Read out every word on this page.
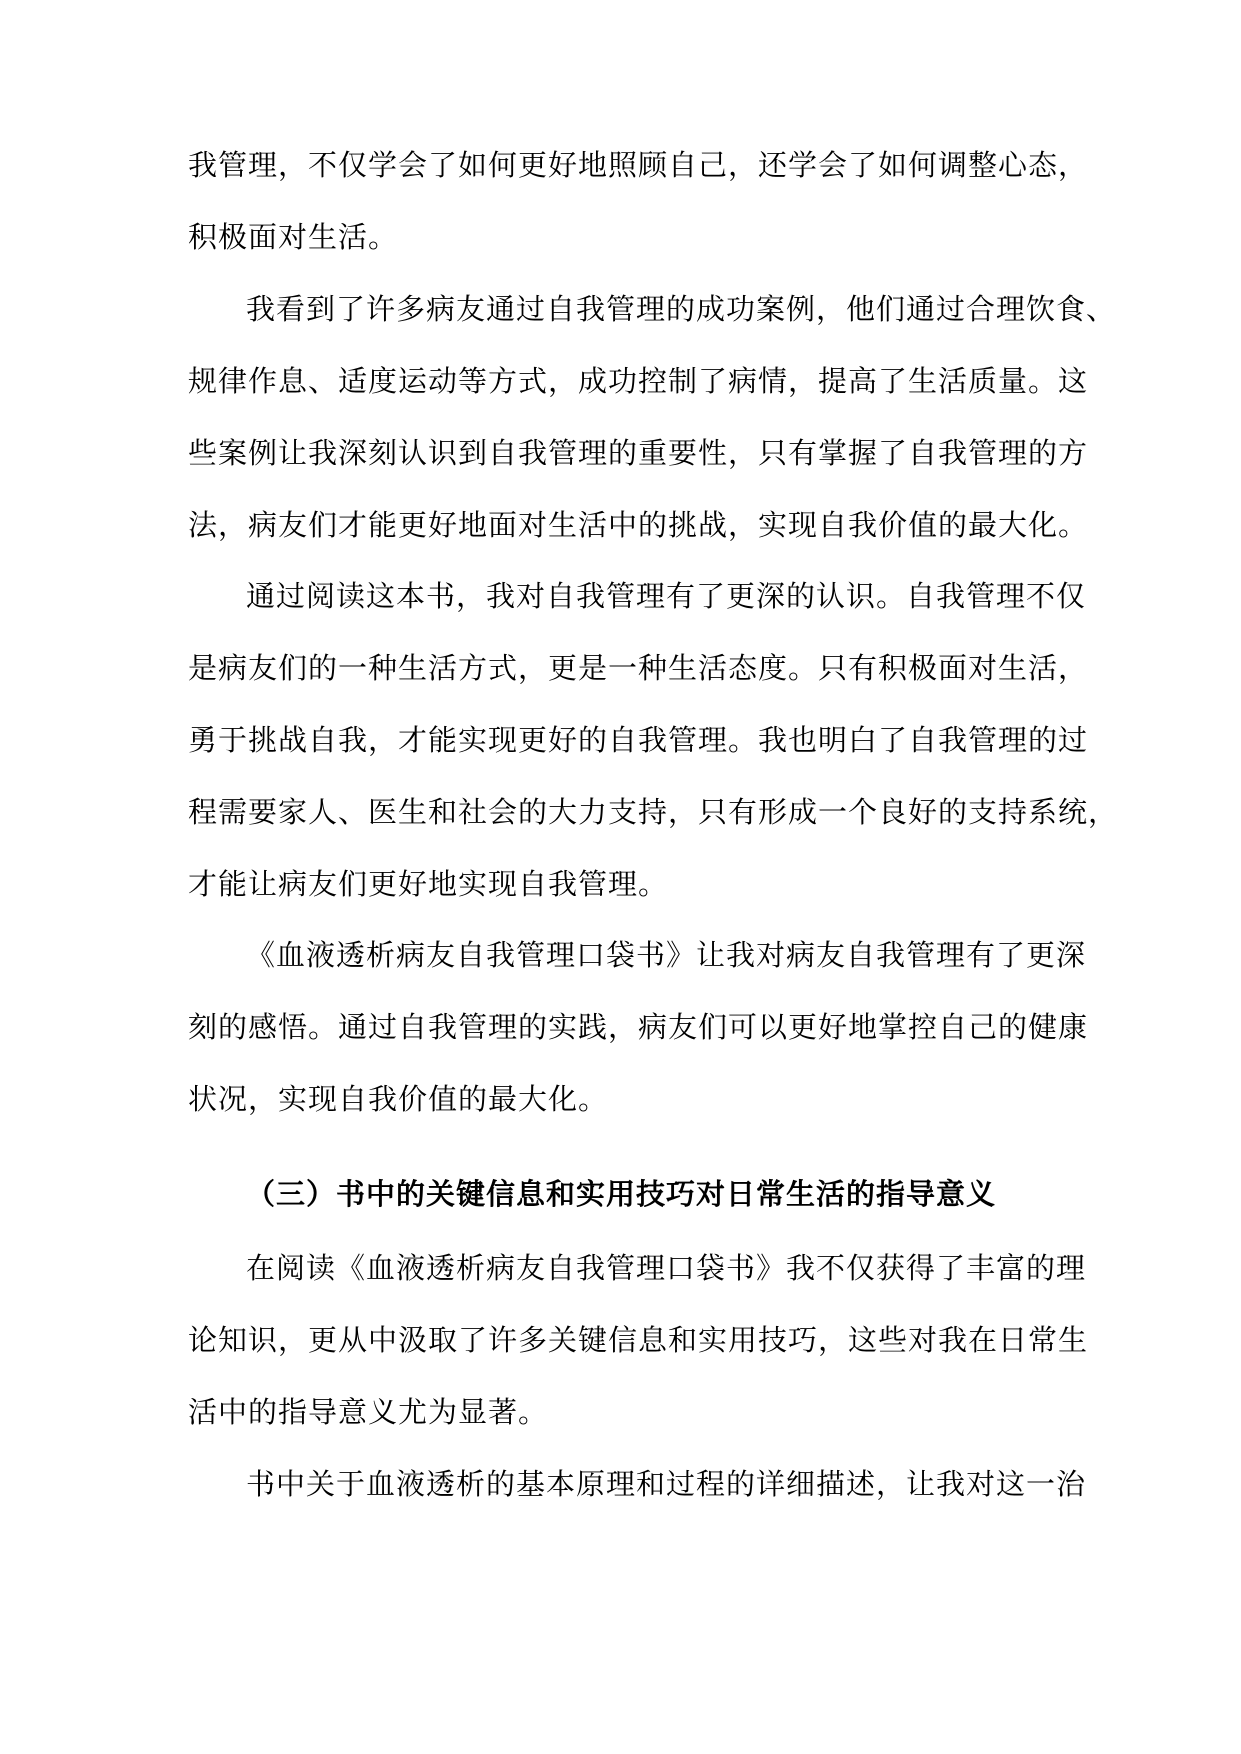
我管理，不仅学会了如何更好地照顾自己，还学会了如何调整心态，
积极面对生活。
我看到了许多病友通过自我管理的成功案例，他们通过合理饮食、
规律作息、适度运动等方式，成功控制了病情，提高了生活质量。这
些案例让我深刻认识到自我管理的重要性，只有掌握了自我管理的方
法，病友们才能更好地面对生活中的挑战，实现自我价值的最大化。
通过阅读这本书，我对自我管理有了更深的认识。自我管理不仅
是病友们的一种生活方式，更是一种生活态度。只有积极面对生活，
勇于挑战自我，才能实现更好的自我管理。我也明白了自我管理的过
程需要家人、医生和社会的大力支持，只有形成一个良好的支持系统，
才能让病友们更好地实现自我管理。
《血液透析病友自我管理口袋书》让我对病友自我管理有了更深
刻的感悟。通过自我管理的实践，病友们可以更好地掌控自己的健康
状况，实现自我价值的最大化。
（三）书中的关键信息和实用技巧对日常生活的指导意义
在阅读《血液透析病友自我管理口袋书》我不仅获得了丰富的理
论知识，更从中汲取了许多关键信息和实用技巧，这些对我在日常生
活中的指导意义尤为显著。
书中关于血液透析的基本原理和过程的详细描述，让我对这一治
